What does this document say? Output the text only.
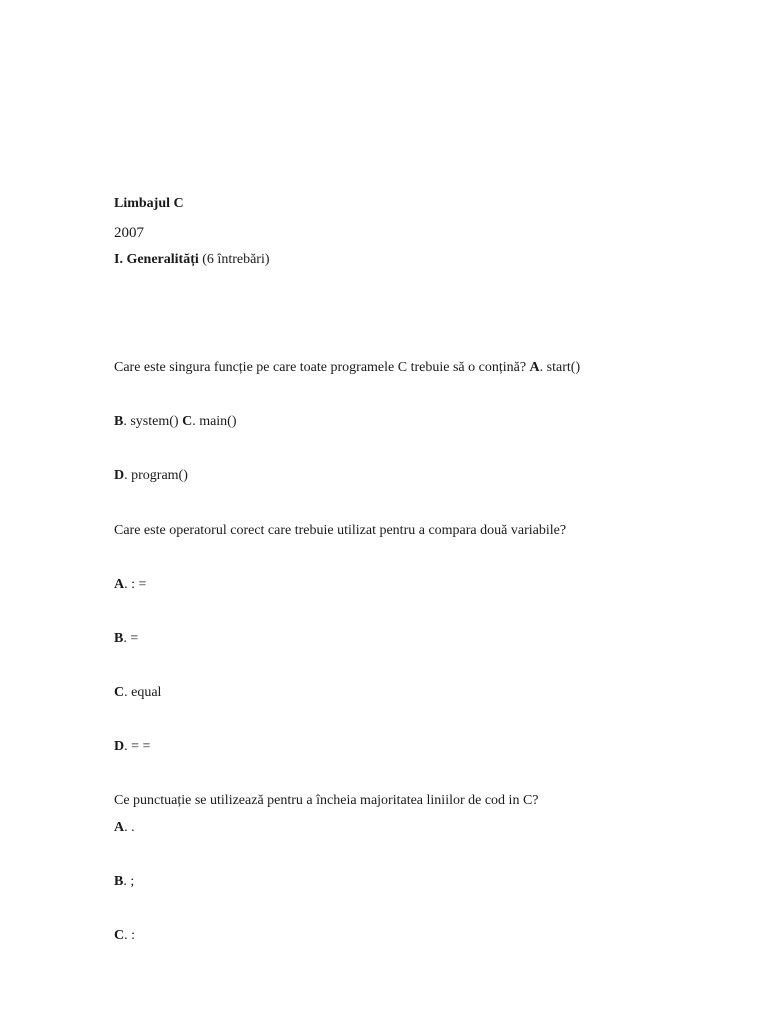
Limbajul C
2007
I. Generalități (6 întrebări)
Care este singura funcție pe care toate programele C trebuie să o conțină? A. start()
B. system() C. main()
D. program()
Care este operatorul corect care trebuie utilizat pentru a compara două variabile?
A. : =
B. =
C. equal
D. = =
Ce punctuație se utilizează pentru a încheia majoritatea liniilor de cod in C?
A. .
B. ;
C. :
